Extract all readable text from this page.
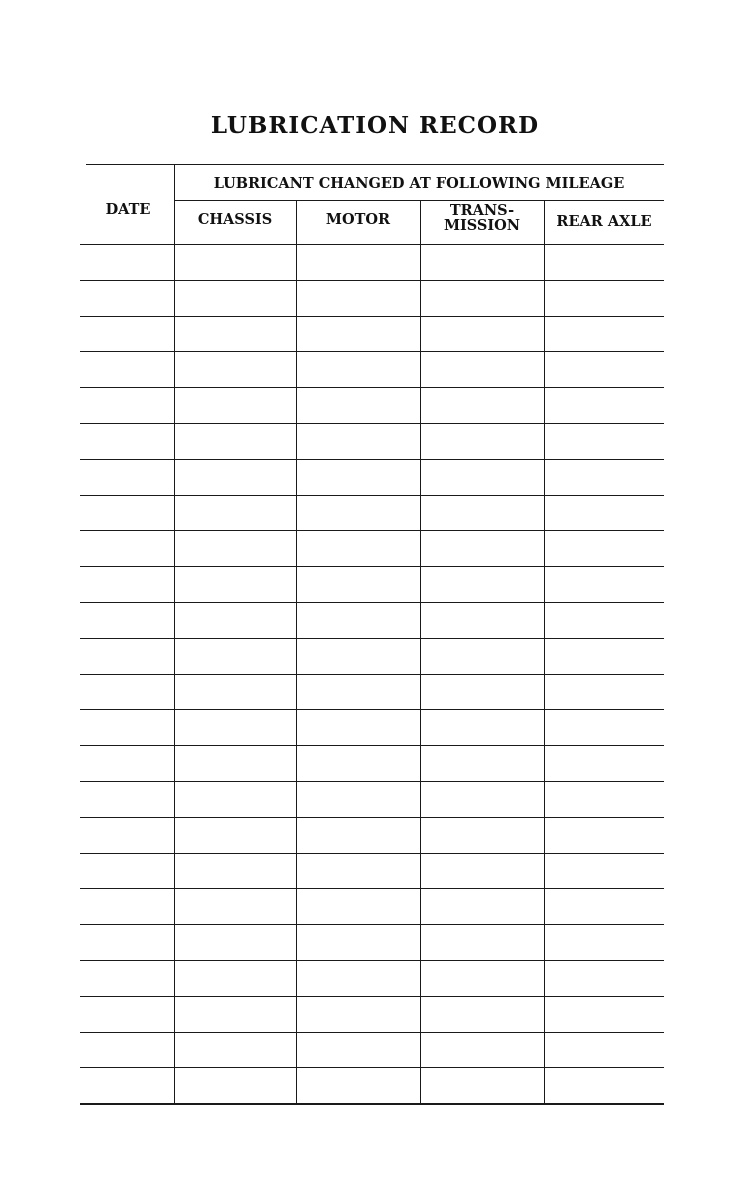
LUBRICATION RECORD
DATE
LUBRICANT CHANGED AT FOLLOWING MILEAGE
CHASSIS	MOTOR
TRANS-
MISSION	REAR AXLE
